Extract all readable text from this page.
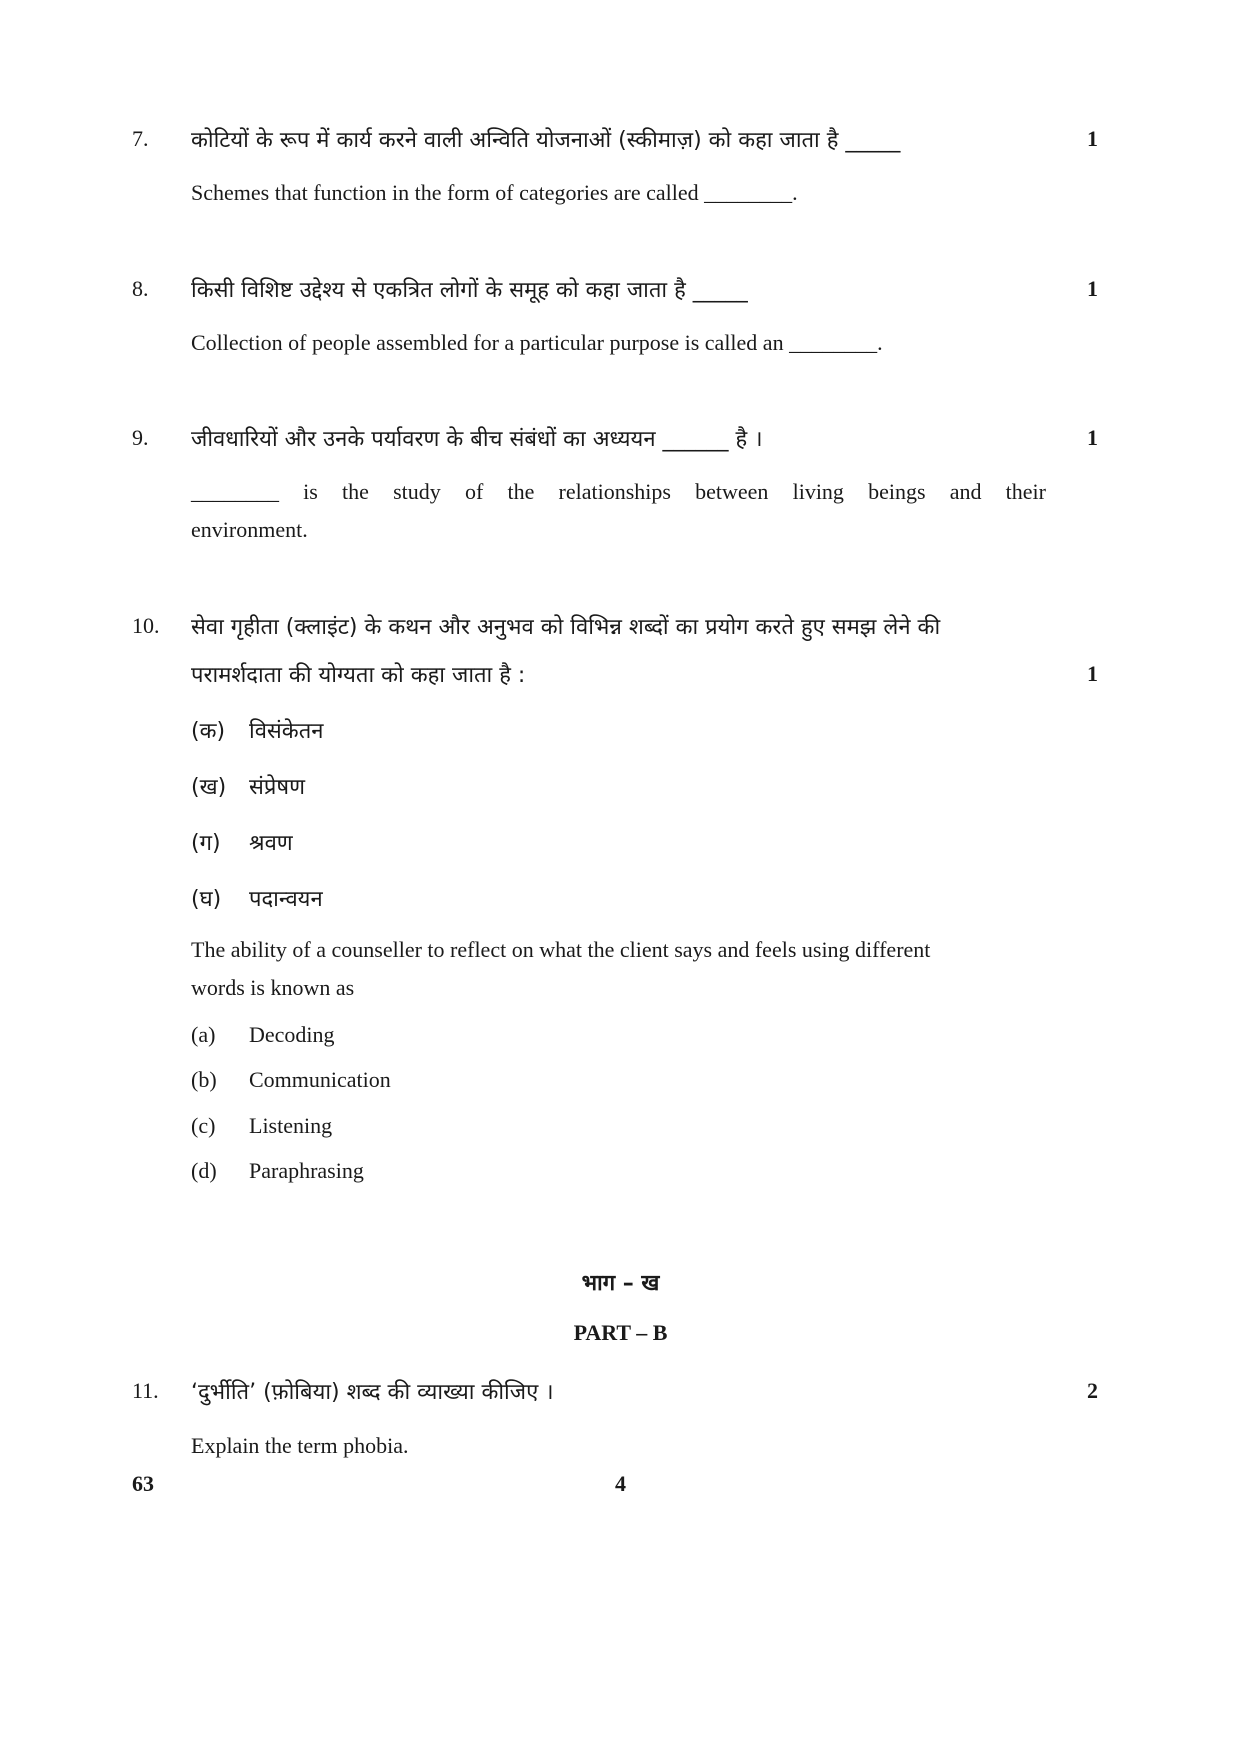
7. कोटियों के रूप में कार्य करने वाली अन्विति योजनाओं (स्कीमाज़) को कहा जाता है _____	1
Schemes that function in the form of categories are called ________.
8. किसी विशिष्ट उद्देश्य से एकत्रित लोगों के समूह को कहा जाता है _____	1
Collection of people assembled for a particular purpose is called an ________.
9. जीवधारियों और उनके पर्यावरण के बीच संबंधों का अध्ययन ______ है ।	1
________ is the study of the relationships between living beings and their
environment.
10. सेवा गृहीता (क्लाइंट) के कथन और अनुभव को विभिन्न शब्दों का प्रयोग करते हुए समझ लेने की
परामर्शदाता की योग्यता को कहा जाता है :	1
(क) विसंकेतन
(ख) संप्रेषण
(ग) श्रवण
(घ) पदान्वयन
The ability of a counseller to reflect on what the client says and feels using different
words is known as
(a) Decoding
(b) Communication
(c) Listening
(d) Paraphrasing
भाग – ख
PART – B
11. ‘दुर्भीति’ (फ़ोबिया) शब्द की व्याख्या कीजिए ।	2
Explain the term phobia.
63	4
